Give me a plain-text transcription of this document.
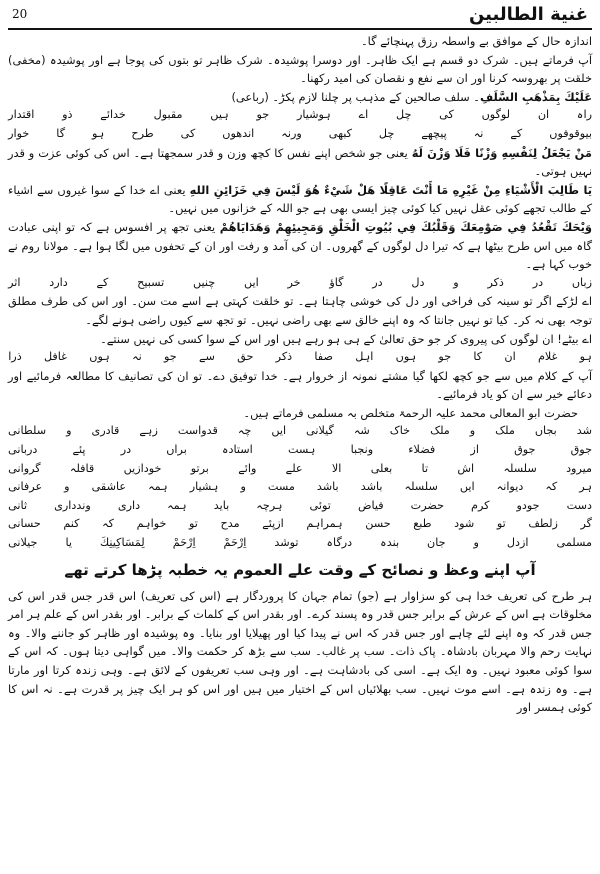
20	غنیة الطالبین

اندازہ حال کے موافق بے واسطہ رزق پہنچائے گا۔

آپ فرماتے ہیں۔ شرک دو قسم ہے ایک ظاہر۔ اور دوسرا پوشیدہ۔ شرک ظاہر تو بتوں کی پوجا ہے اور پوشیدہ (مخفی) خلقت پر بھروسہ کرنا اور ان سے نفع و نقصان کی امید رکھنا۔

عَلَيْكَ بِمَذْهَبِ السَّلَفِ۔ سلف صالحین کے مذہب پر چلنا لازم پکڑ۔ (رباعی)

راہ
ان
لوگوں
کی
چل
اے
ہوشیار
جو
ہیں
مقبول
خدائے
ذو
اقتدار
بیوقوفوں
کے
نہ
پیچھے
چل
کبھی
ورنہ
اندھوں
کی
طرح
ہو
گا
خوار

مَنْ يَجْعَلُ لِنَفْسِهِ وَزْنًا فَلَا وَزْنَ لَهُ یعنی جو شخص اپنے نفس کا کچھ وزن و قدر سمجھتا ہے۔ اس کی کوئی عزت و قدر نہیں ہوتی۔

يَا طَالِبَ الْأَشْيَاءِ مِنْ غَيْرِهِ مَا أَنْتَ عَاقِلًا هَلْ شَيْءٌ هُوَ لَيْسَ فِي خَزَائِنِ اللهِ یعنی اے خدا کے سوا غیروں سے اشیاء کے طالب تجھے کوئی عقل نہیں کیا کوئی چیز ایسی بھی ہے جو اللہ کے خزانوں میں نہیں۔

وَيْحَكَ تَقْعُدُ فِي صَوْمِعَكَ وَقَلْبُكَ فِي بُيُوتِ الْخَلْقِ وَمَجِيئِهِمْ وَهَدَايَاهُمْ یعنی تجھ پر افسوس ہے کہ تو اپنی عبادت گاہ میں اس طرح بیٹھا ہے کہ تیرا دل لوگوں کے گھروں۔ ان کی آمد و رفت اور ان کے تحفوں میں لگا ہوا ہے۔ مولانا روم نے خوب کہا ہے۔

زباں
در
ذکر
و
دل
در
گاؤ
خر
ایں
چنیں
تسبیح
کے
دارد
اثر

اے لڑکے اگر تو سینہ کی فراخی اور دل کی خوشی چاہتا ہے۔ تو خلقت کہتی ہے اسے مت سن۔ اور اس کی طرف مطلق توجہ بھی نہ کر۔ کیا تو نہیں جانتا کہ وہ اپنے خالق سے بھی راضی نہیں۔ تو تجھ سے کیوں راضی ہونے لگے۔

اے بیٹے! ان لوگوں کی پیروی کر جو حق تعالیٰ کے ہی ہو رہے ہیں اور اس کے سوا کسی کی نہیں سنتے۔

ہو
غلام
ان
کا
جو
ہوں
اہل
صفا
ذکر
حق
سے
جو
نہ
ہوں
غافل
ذرا

آپ کے کلام میں سے جو کچھ لکھا گیا مشتے نمونہ از خروار ہے۔ خدا توفیق دے۔ تو ان کی تصانیف کا مطالعہ فرمائیے اور دعائے خیر سے ان کو یاد فرمائیے۔

حضرت ابو المعالی محمد علیہ الرحمۃ متخلص بہ مسلمی فرماتے ہیں۔

شد
بجاں
ملک
و
ملک
خاک
شہ
گیلانی
ایں
چہ
قدواست
زہے
قادری
و
سلطانی
جوق
جوق
از
فضلاء
ونجبا
ہست
استادہ
براں
در
پئے
دربانی
میرود
سلسلہ
اش
تا
بعلی
الا
علے
وائے
برتو
خودازیں
قافلہ
گروانی
ہر
کہ
دیوانہ
ایں
سلسلہ
باشد
باشد
مست
و
ہشیار
ہمہ
عاشقی
و
عرفانی
دست
جودو
کرم
حضرت
فیاض
توئی
ہرچہ
باید
ہمہ
داری
وندداری
ثانی
گر
زلطف
تو
شود
طبع
حسن
ہمراہم
ازپئے
مدح
تو
خواہم
کہ
کنم
حسانی
مسلمی
ازدل
و
جان
بندہ
درگاہ
توشد
اِرْحَمْ
اِرْحَمْ
لِمَسَاكِينِكَ
یا
جیلانی
آپ اپنے وعظ و نصائح کے وقت علے العموم یہ خطبہ پڑھا کرتے تھے

ہر طرح کی تعریف خدا ہی کو سزاوار ہے (جو) تمام جہان کا پروردگار ہے (اس کی تعریف) اس قدر جس قدر اس کی مخلوقات ہے اس کے عرش کے برابر جس قدر وہ پسند کرے۔ اور بقدر اس کے کلمات کے برابر۔ اور بقدر اس کے علم ہر امر جس قدر کہ وہ اپنے لئے چاہے اور جس قدر کہ اس نے پیدا کیا اور پھیلایا اور بنایا۔ وہ پوشیدہ اور ظاہر کو جاننے والا۔ وہ نہایت رحم والا مہربان بادشاہ۔ پاک ذات۔ سب پر غالب۔ سب سے بڑھ کر حکمت والا۔ میں گواہی دیتا ہوں۔ کہ اس کے سوا کوئی معبود نہیں۔ وہ ایک ہے۔ اسی کی بادشاہت ہے۔ اور وہی سب تعریفوں کے لائق ہے۔ وہی زندہ کرتا اور مارتا ہے۔ وہ زندہ ہے۔ اسے موت نہیں۔ سب بھلائیاں اس کے اختیار میں ہیں اور اس کو ہر ایک چیز پر قدرت ہے۔ نہ اس کا کوئی ہمسر اور
